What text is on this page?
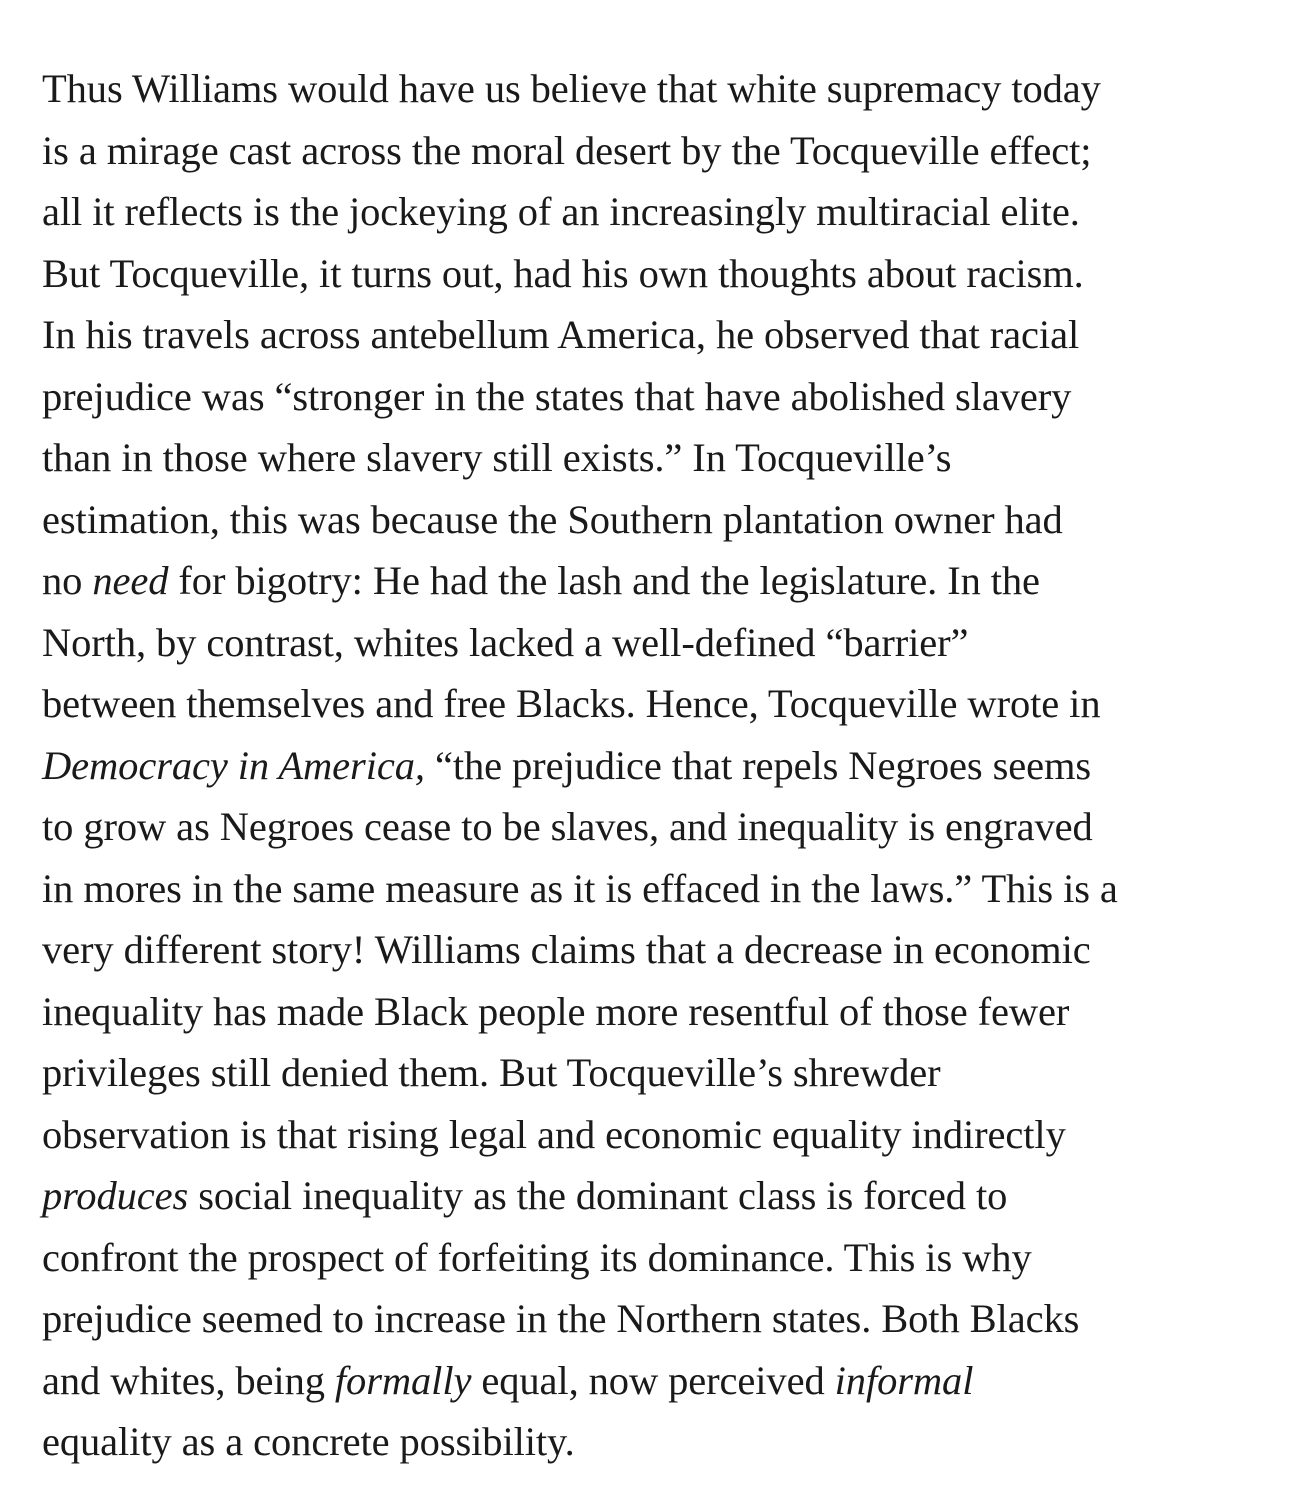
Thus Williams would have us believe that white supremacy today
is a mirage cast across the moral desert by the Tocqueville effect;
all it reflects is the jockeying of an increasingly multiracial elite.
But Tocqueville, it turns out, had his own thoughts about racism.
In his travels across antebellum America, he observed that racial
prejudice was “stronger in the states that have abolished slavery
than in those where slavery still exists.” In Tocqueville’s
estimation, this was because the Southern plantation owner had
no need for bigotry: He had the lash and the legislature. In the
North, by contrast, whites lacked a well-defined “barrier”
between themselves and free Blacks. Hence, Tocqueville wrote in
Democracy in America, “the prejudice that repels Negroes seems
to grow as Negroes cease to be slaves, and inequality is engraved
in mores in the same measure as it is effaced in the laws.” This is a
very different story! Williams claims that a decrease in economic
inequality has made Black people more resentful of those fewer
privileges still denied them. But Tocqueville’s shrewder
observation is that rising legal and economic equality indirectly
produces social inequality as the dominant class is forced to
confront the prospect of forfeiting its dominance. This is why
prejudice seemed to increase in the Northern states. Both Blacks
and whites, being formally equal, now perceived informal
equality as a concrete possibility.
